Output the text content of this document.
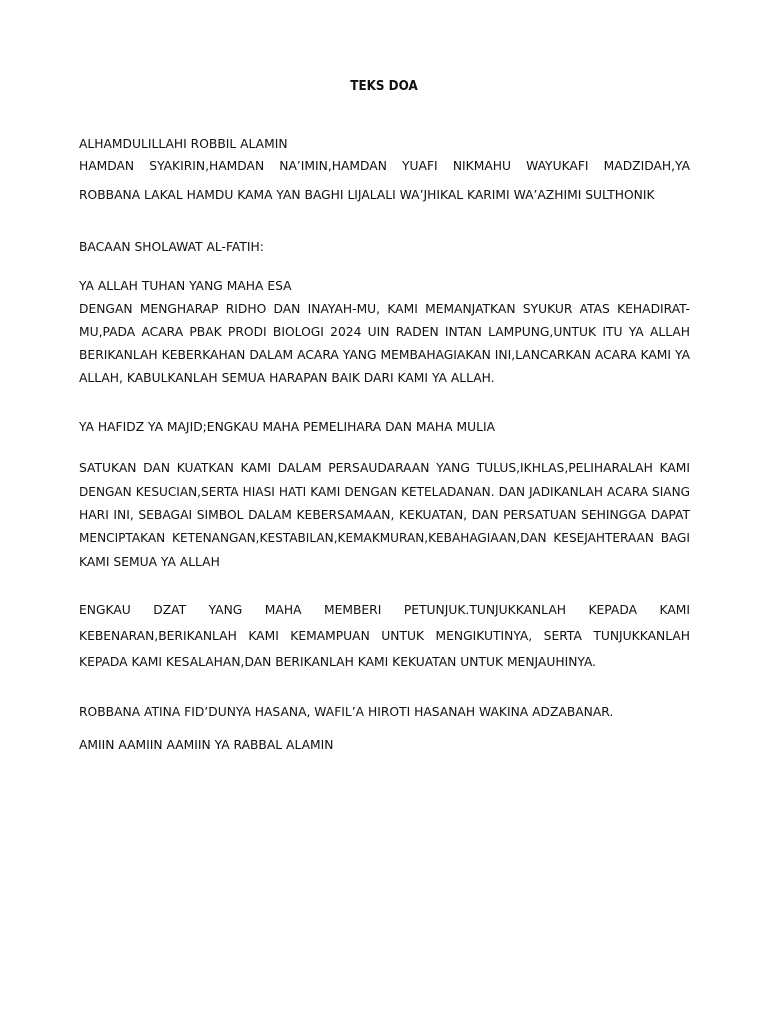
TEKS DOA
ALHAMDULILLAHI ROBBIL ALAMIN
HAMDAN SYAKIRIN,HAMDAN NA’IMIN,HAMDAN YUAFI NIKMAHU WAYUKAFI MADZIDAH,YA
ROBBANA LAKAL HAMDU KAMA YAN BAGHI LIJALALI WA’JHIKAL KARIMI WA’AZHIMI SULTHONIK
BACAAN SHOLAWAT AL-FATIH:
YA ALLAH TUHAN YANG MAHA ESA
DENGAN MENGHARAP RIDHO DAN INAYAH-MU, KAMI MEMANJATKAN SYUKUR ATAS KEHADIRAT-
MU,PADA ACARA PBAK PRODI BIOLOGI 2024 UIN RADEN INTAN LAMPUNG,UNTUK ITU YA ALLAH
BERIKANLAH KEBERKAHAN DALAM ACARA YANG MEMBAHAGIAKAN INI,LANCARKAN ACARA KAMI YA
ALLAH, KABULKANLAH SEMUA HARAPAN BAIK DARI KAMI YA ALLAH.
YA HAFIDZ YA MAJID;ENGKAU MAHA PEMELIHARA DAN MAHA MULIA
SATUKAN DAN KUATKAN KAMI DALAM PERSAUDARAAN YANG TULUS,IKHLAS,PELIHARALAH KAMI
DENGAN KESUCIAN,SERTA HIASI HATI KAMI DENGAN KETELADANAN. DAN JADIKANLAH ACARA SIANG
HARI INI, SEBAGAI SIMBOL DALAM KEBERSAMAAN, KEKUATAN, DAN PERSATUAN SEHINGGA DAPAT
MENCIPTAKAN KETENANGAN,KESTABILAN,KEMAKMURAN,KEBAHAGIAAN,DAN KESEJAHTERAAN BAGI
KAMI SEMUA YA ALLAH
ENGKAU DZAT YANG MAHA MEMBERI PETUNJUK.TUNJUKKANLAH KEPADA KAMI
KEBENARAN,BERIKANLAH KAMI KEMAMPUAN UNTUK MENGIKUTINYA, SERTA TUNJUKKANLAH
KEPADA KAMI KESALAHAN,DAN BERIKANLAH KAMI KEKUATAN UNTUK MENJAUHINYA.
ROBBANA ATINA FID’DUNYA HASANA, WAFIL’A HIROTI HASANAH WAKINA ADZABANAR.
AMIIN AAMIIN AAMIIN YA RABBAL ALAMIN
